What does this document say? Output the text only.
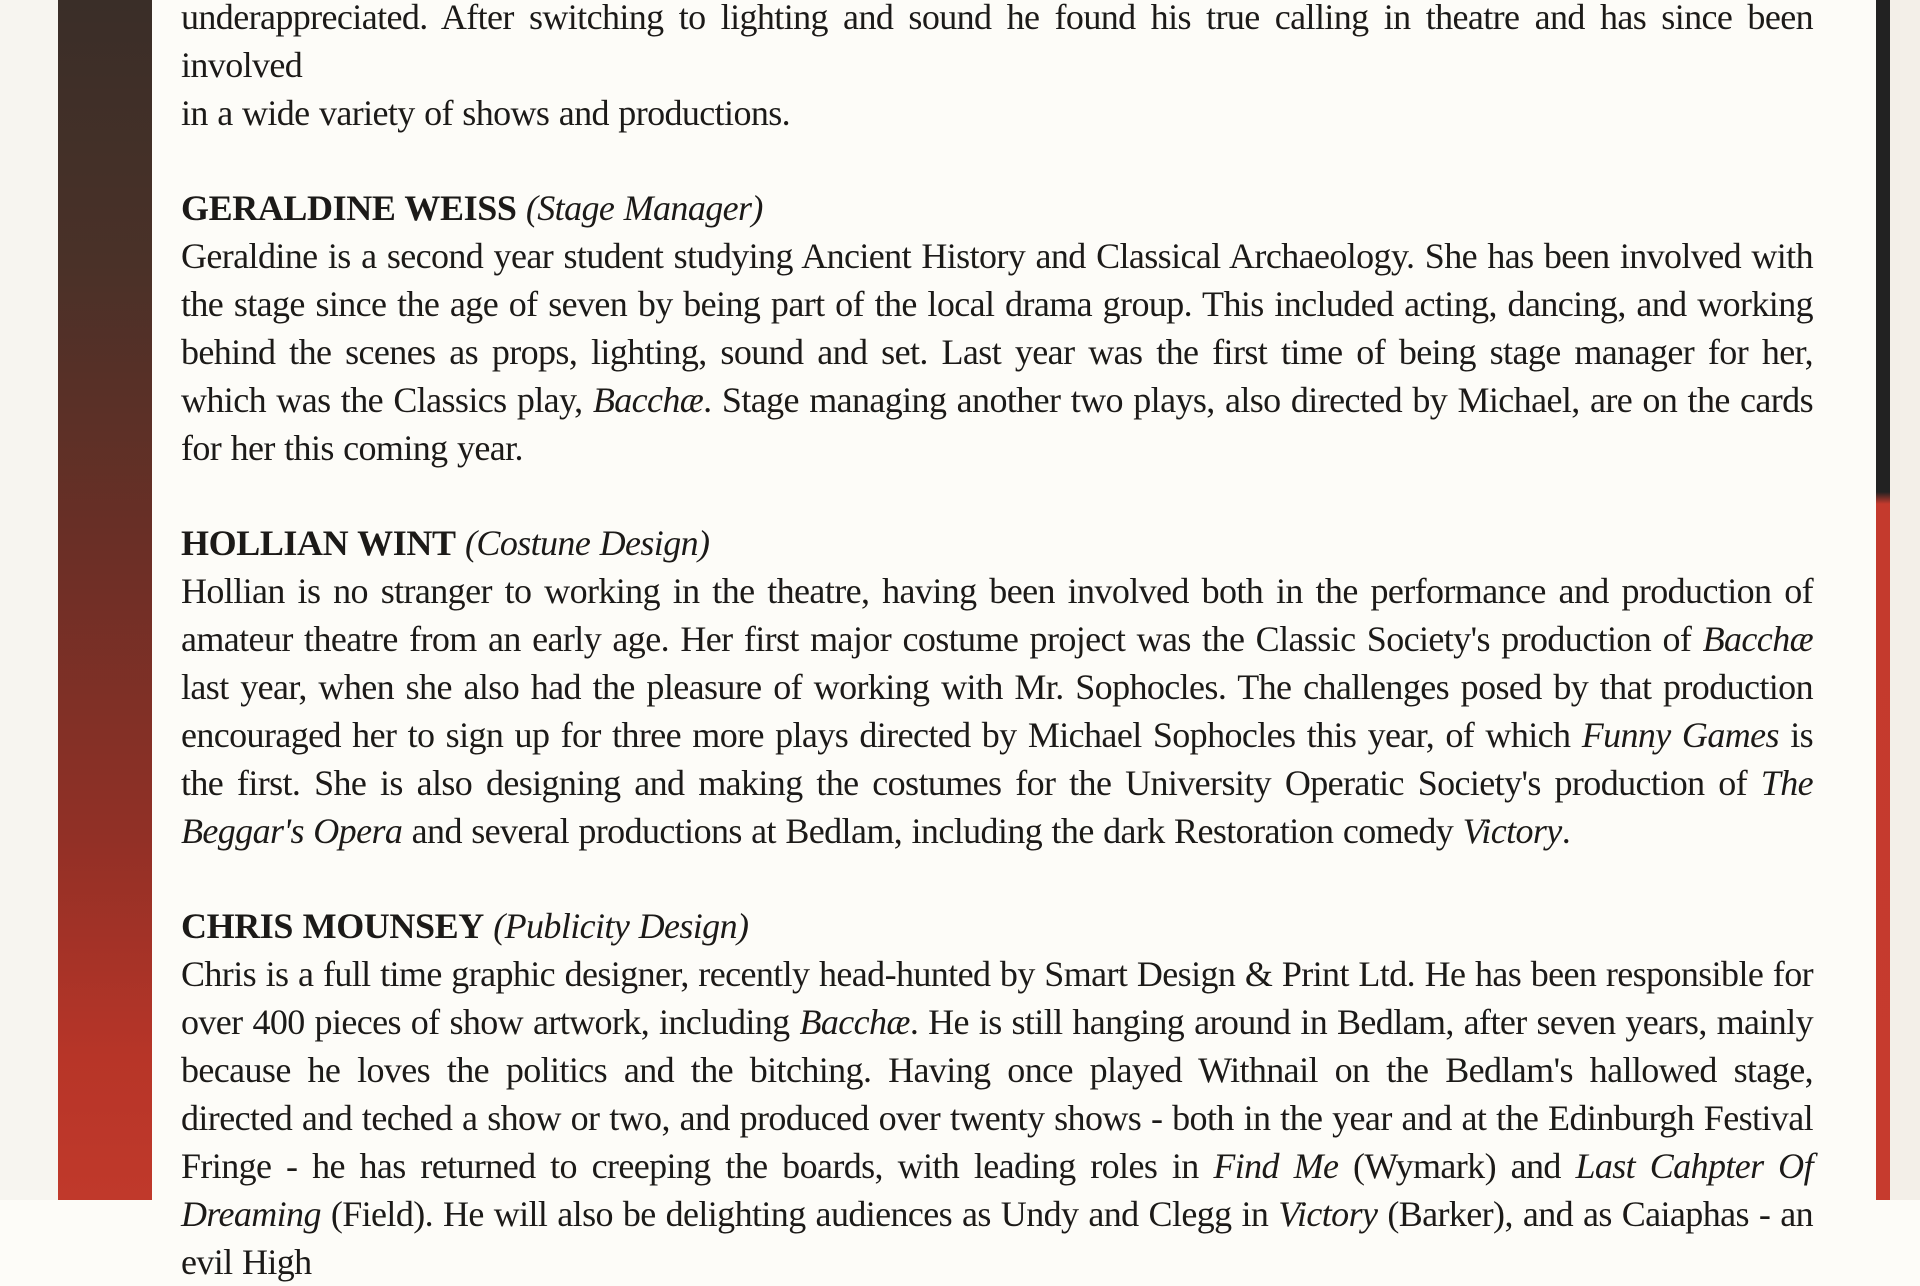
underappreciated. After switching to lighting and sound he found his true calling in theatre and has since been involved
in a wide variety of shows and productions.
GERALDINE WEISS (Stage Manager)

Geraldine is a second year student studying Ancient History and Classical Archaeology. She has been involved with the stage since the age of seven by being part of the local drama group. This included acting, dancing, and working behind the scenes as props, lighting, sound and set. Last year was the first time of being stage manager for her, which was the Classics play, Bacchæ. Stage managing another two plays, also directed by Michael, are on the cards for her this coming year.

HOLLIAN WINT (Costune Design)

Hollian is no stranger to working in the theatre, having been involved both in the performance and production of amateur theatre from an early age. Her first major costume project was the Classic Society's production of Bacchæ last year, when she also had the pleasure of working with Mr. Sophocles. The challenges posed by that production encouraged her to sign up for three more plays directed by Michael Sophocles this year, of which Funny Games is the first. She is also designing and making the costumes for the University Operatic Society's production of The Beggar's Opera and several productions at Bedlam, including the dark Restoration comedy Victory.

CHRIS MOUNSEY (Publicity Design)

Chris is a full time graphic designer, recently head-hunted by Smart Design & Print Ltd. He has been responsible for over 400 pieces of show artwork, including Bacchæ. He is still hanging around in Bedlam, after seven years, mainly because he loves the politics and the bitching. Having once played Withnail on the Bedlam's hallowed stage, directed and teched a show or two, and produced over twenty shows - both in the year and at the Edinburgh Festival Fringe - he has returned to creeping the boards, with leading roles in Find Me (Wymark) and Last Cahpter Of Dreaming (Field). He will also be delighting audiences as Undy and Clegg in Victory (Barker), and as Caiaphas - an evil High
